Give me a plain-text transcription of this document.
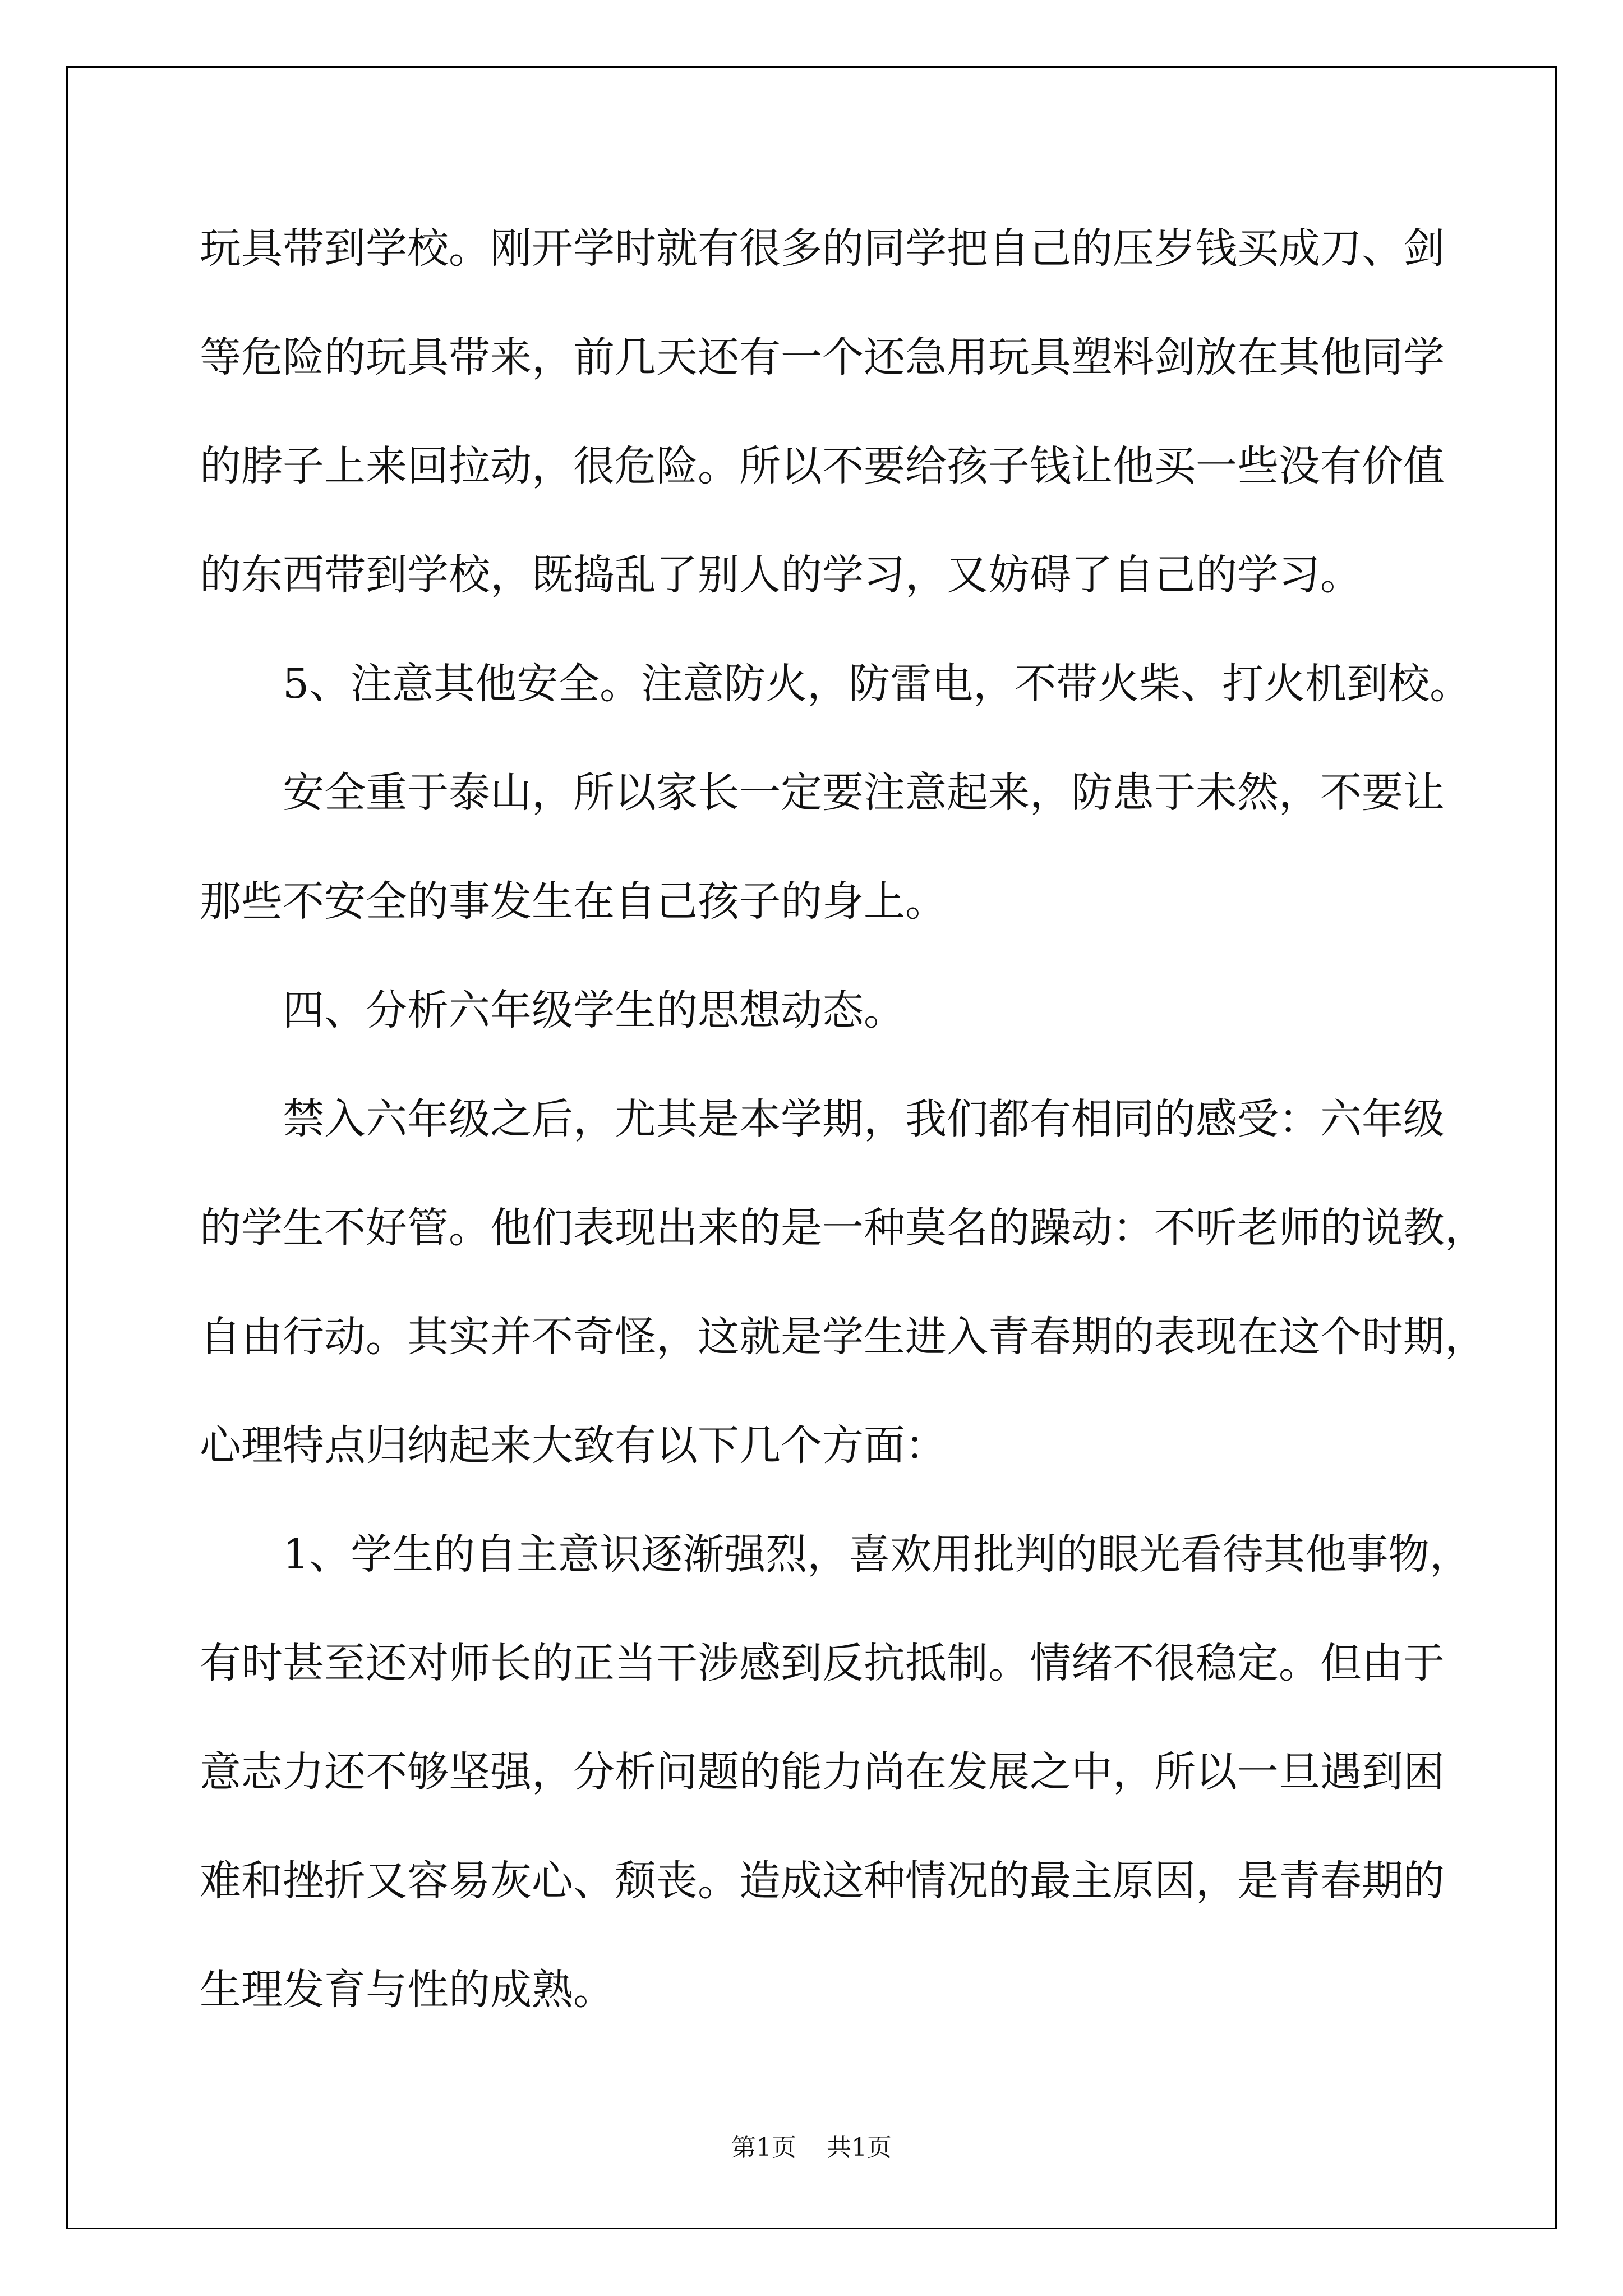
玩具带到学校。刚开学时就有很多的同学把自己的压岁钱买成刀、剑
等危险的玩具带来，前几天还有一个还急用玩具塑料剑放在其他同学
的脖子上来回拉动，很危险。所以不要给孩子钱让他买一些没有价值
的东西带到学校，既捣乱了别人的学习，又妨碍了自己的学习。
5、注意其他安全。注意防火，防雷电，不带火柴、打火机到校。
安全重于泰山，所以家长一定要注意起来，防患于未然，不要让
那些不安全的事发生在自己孩子的身上。
四、分析六年级学生的思想动态。
禁入六年级之后，尤其是本学期，我们都有相同的感受：六年级
的学生不好管。他们表现出来的是一种莫名的躁动：不听老师的说教，
自由行动。其实并不奇怪，这就是学生进入青春期的表现在这个时期，
心理特点归纳起来大致有以下几个方面：
1、学生的自主意识逐渐强烈，喜欢用批判的眼光看待其他事物，
有时甚至还对师长的正当干涉感到反抗抵制。情绪不很稳定。但由于
意志力还不够坚强，分析问题的能力尚在发展之中，所以一旦遇到困
难和挫折又容易灰心、颓丧。造成这种情况的最主原因，是青春期的
生理发育与性的成熟。
第1页 共1页
